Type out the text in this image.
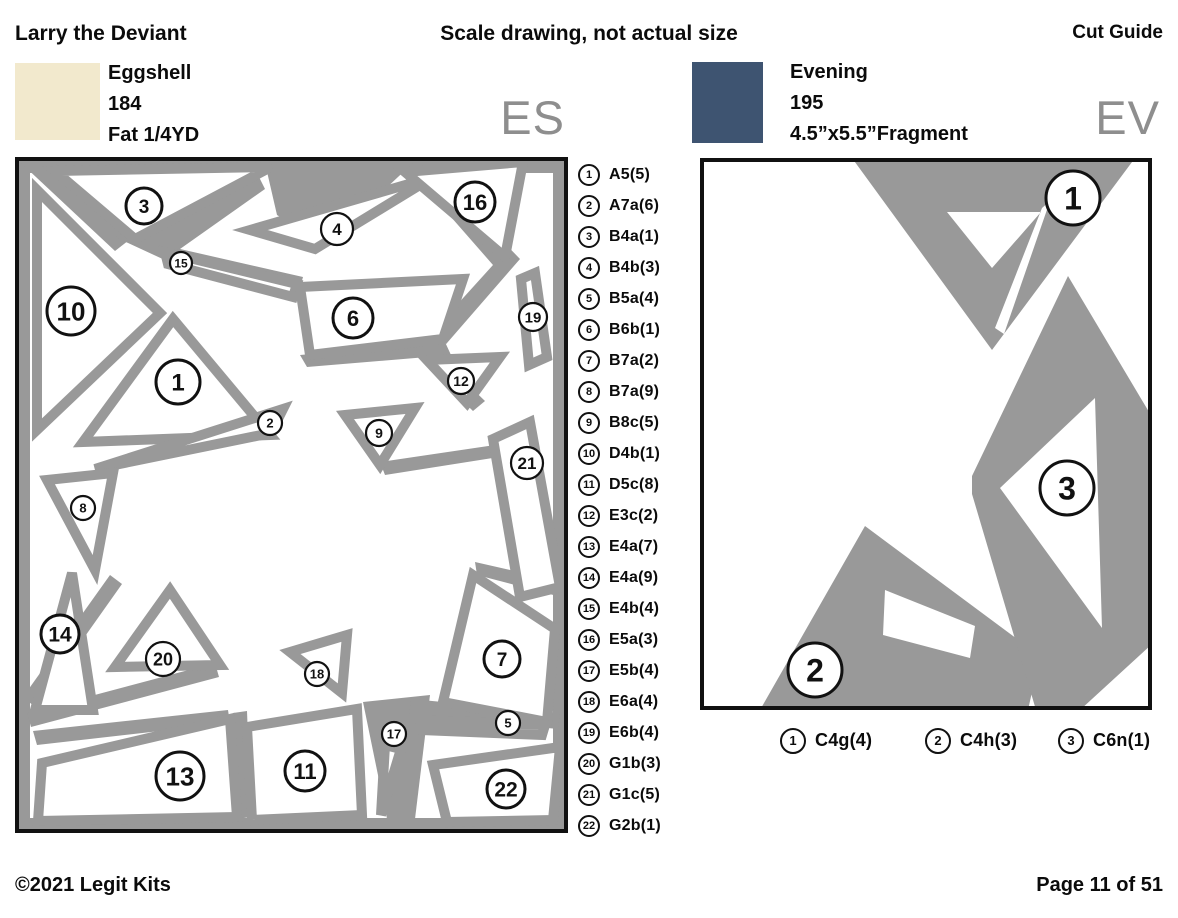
Larry the Deviant	Scale drawing, not actual size	Cut Guide
Eggshell
184
Fat 1/4YD	ES
Evening
195
4.5”x5.5”Fragment	EV
1
2
3
4
5
6
7
8
9
10
11
12
13
14
15
16
17
18
19
20
21
22
1	A5(5)
2	A7a(6)
3	B4a(1)
4	B4b(3)
5	B5a(4)
6	B6b(1)
7	B7a(2)
8	B7a(9)
9	B8c(5)
10 D4b(1)
11 D5c(8)
12 E3c(2)
13 E4a(7)
14 E4a(9)
15 E4b(4)
16 E5a(3)
17 E5b(4)
18 E6a(4)
19 E6b(4)
20 G1b(3)
21 G1c(5)
22 G2b(1)
1
2
3
1	C4g(4)	2	C4h(3)	3	C6n(1)
©2021 Legit Kits	Page 11 of 51
